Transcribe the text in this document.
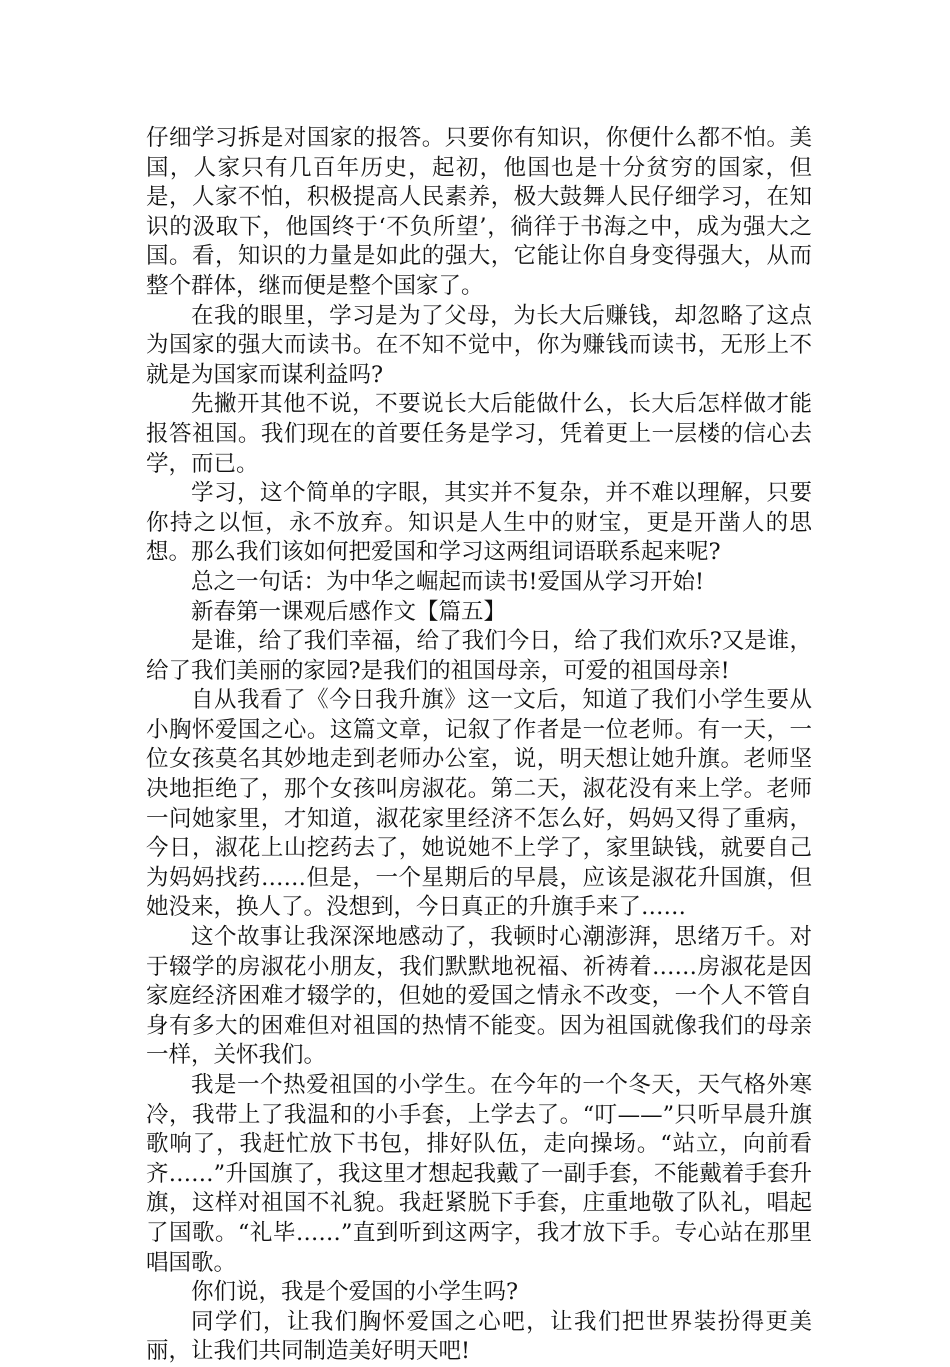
仔细学习拆是对国家的报答。只要你有知识，你便什么都不怕。美国，人家只有几百年历史，起初，他国也是十分贫穷的国家，但是，人家不怕，积极提高人民素养，极大鼓舞人民仔细学习，在知识的汲取下，他国终于‘不负所望’，徜徉于书海之中，成为强大之国。看，知识的力量是如此的强大，它能让你自身变得强大，从而整个群体，继而便是整个国家了。

在我的眼里，学习是为了父母，为长大后赚钱，却忽略了这点为国家的强大而读书。在不知不觉中，你为赚钱而读书，无形上不就是为国家而谋利益吗?

先撇开其他不说，不要说长大后能做什么，长大后怎样做才能报答祖国。我们现在的首要任务是学习，凭着更上一层楼的信心去学，而已。

学习，这个简单的字眼，其实并不复杂，并不难以理解，只要你持之以恒，永不放弃。知识是人生中的财宝，更是开凿人的思想。那么我们该如何把爱国和学习这两组词语联系起来呢?

总之一句话：为中华之崛起而读书!爱国从学习开始!

新春第一课观后感作文【篇五】

是谁，给了我们幸福，给了我们今日，给了我们欢乐?又是谁，给了我们美丽的家园?是我们的祖国母亲，可爱的祖国母亲!

自从我看了《今日我升旗》这一文后，知道了我们小学生要从小胸怀爱国之心。这篇文章，记叙了作者是一位老师。有一天，一位女孩莫名其妙地走到老师办公室，说，明天想让她升旗。老师坚决地拒绝了，那个女孩叫房淑花。第二天，淑花没有来上学。老师一问她家里，才知道，淑花家里经济不怎么好，妈妈又得了重病，今日，淑花上山挖药去了，她说她不上学了，家里缺钱，就要自己为妈妈找药……但是，一个星期后的早晨，应该是淑花升国旗，但她没来，换人了。没想到，今日真正的升旗手来了……

这个故事让我深深地感动了，我顿时心潮澎湃，思绪万千。对于辍学的房淑花小朋友，我们默默地祝福、祈祷着……房淑花是因家庭经济困难才辍学的，但她的爱国之情永不改变，一个人不管自身有多大的困难但对祖国的热情不能变。因为祖国就像我们的母亲一样，关怀我们。

我是一个热爱祖国的小学生。在今年的一个冬天，天气格外寒冷，我带上了我温和的小手套，上学去了。“叮——”只听早晨升旗歌响了，我赶忙放下书包，排好队伍，走向操场。“站立，向前看齐……”升国旗了，我这里才想起我戴了一副手套，不能戴着手套升旗，这样对祖国不礼貌。我赶紧脱下手套，庄重地敬了队礼，唱起了国歌。“礼毕……”直到听到这两字，我才放下手。专心站在那里唱国歌。

你们说，我是个爱国的小学生吗?

同学们，让我们胸怀爱国之心吧，让我们把世界装扮得更美丽，让我们共同制造美好明天吧!
